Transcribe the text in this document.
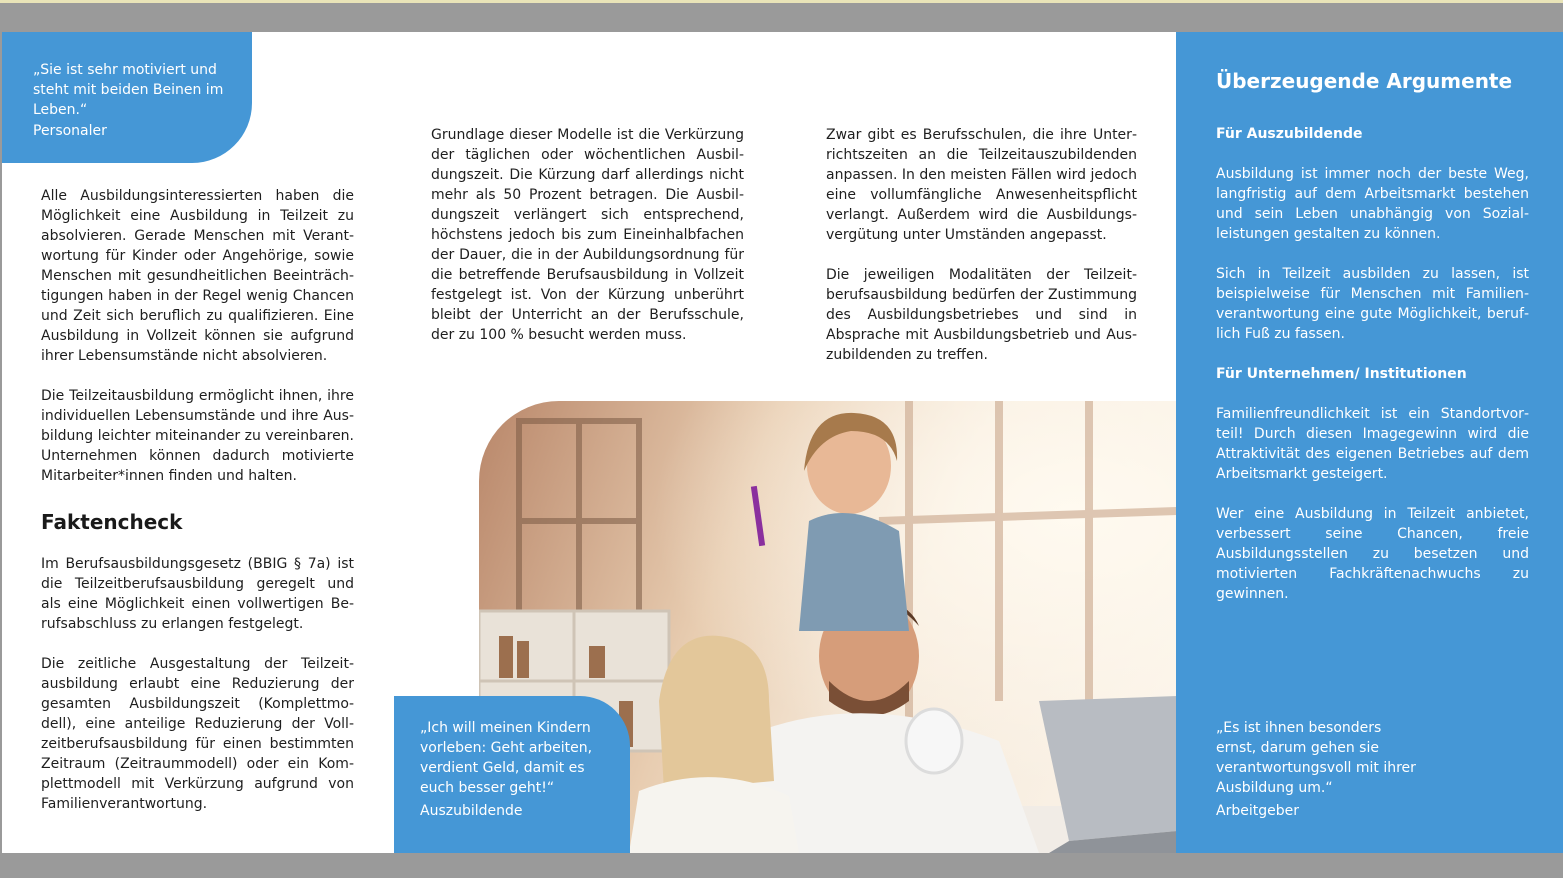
„Sie ist sehr motiviert und steht mit beiden Beinen im Leben.“
Personaler

Alle Ausbildungsinteressierten haben die Möglichkeit eine Ausbildung in Teilzeit zu absolvieren. Gerade Menschen mit Verantwortung für Kinder oder Angehörige, sowie Menschen mit gesundheitlichen Beeinträchtigungen haben in der Regel wenig Chancen und Zeit sich beruflich zu qualifizieren. Eine Ausbildung in Vollzeit können sie aufgrund ihrer Lebensumstände nicht absolvieren.

Die Teilzeitausbildung ermöglicht ihnen, ihre individuellen Lebensumstände und ihre Ausbildung leichter miteinander zu vereinbaren. Unternehmen können dadurch motivierte Mitarbeiter*innen finden und halten.

Faktencheck

Im Berufsausbildungsgesetz (BBIG § 7a) ist die Teilzeitberufsausbildung geregelt und als eine Möglichkeit einen vollwertigen Berufsabschluss zu erlangen festgelegt.

Die zeitliche Ausgestaltung der Teilzeitausbildung erlaubt eine Reduzierung der gesamten Ausbildungszeit (Komplettmodell), eine anteilige Reduzierung der Vollzeitberufsausbildung für einen bestimmten Zeitraum (Zeitraummodell) oder ein Komplettmodell mit Verkürzung aufgrund von Familienverantwortung.

Grundlage dieser Modelle ist die Verkürzung der täglichen oder wöchentlichen Ausbildungszeit. Die Kürzung darf allerdings nicht mehr als 50 Prozent betragen. Die Ausbildungszeit verlängert sich entsprechend, höchstens jedoch bis zum Eineinhalbfachen der Dauer, die in der Aubildungsordnung für die betreffende Berufsausbildung in Vollzeit festgelegt ist. Von der Kürzung unberührt bleibt der Unterricht an der Berufsschule, der zu 100 % besucht werden muss.

Zwar gibt es Berufsschulen, die ihre Unterrichtszeiten an die Teilzeitauszubildenden anpassen. In den meisten Fällen wird jedoch eine vollumfängliche Anwesenheitspflicht verlangt. Außerdem wird die Ausbildungsvergütung unter Umständen angepasst.

Die jeweiligen Modalitäten der Teilzeitberufsausbildung bedürfen der Zustimmung des Ausbildungsbetriebes und sind in Absprache mit Ausbildungsbetrieb und Auszubildenden zu treffen.

„Ich will meinen Kindern vorleben: Geht arbeiten, verdient Geld, damit es euch besser geht!“
Auszubildende
Überzeugende Argumente

Für Auszubildende

Ausbildung ist immer noch der beste Weg, langfristig auf dem Arbeitsmarkt bestehen und sein Leben unabhängig von Sozialleistungen gestalten zu können.

Sich in Teilzeit ausbilden zu lassen, ist beispielweise für Menschen mit Familienverantwortung eine gute Möglichkeit, beruflich Fuß zu fassen.

Für Unternehmen/ Institutionen

Familienfreundlichkeit ist ein Standortvorteil! Durch diesen Imagegewinn wird die Attraktivität des eigenen Betriebes auf dem Arbeitsmarkt gesteigert.

Wer eine Ausbildung in Teilzeit anbietet, verbessert seine Chancen, freie Ausbildungsstellen zu besetzen und motivierten Fachkräftenachwuchs zu gewinnen.

„Es ist ihnen besonders ernst, darum gehen sie verantwortungsvoll mit ihrer Ausbildung um.“
Arbeitgeber
